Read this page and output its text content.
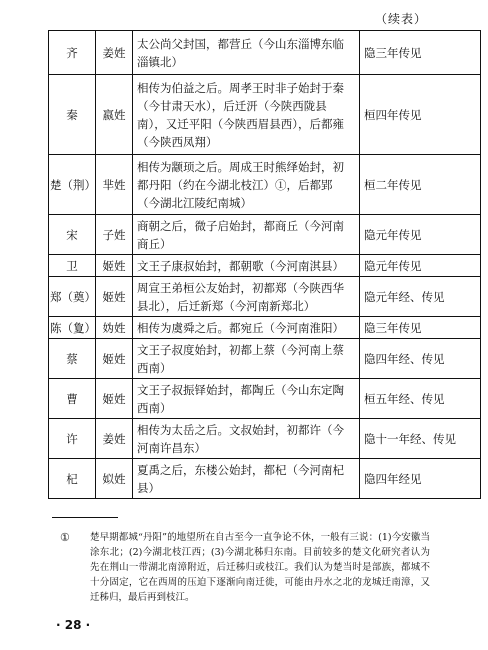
（续表）
齐	姜姓	太公尚父封国，都营丘（今山东淄博东临淄镇北）	隐三年传见
秦	嬴姓	相传为伯益之后。周孝王时非子始封于秦（今甘肃天水），后迁汧（今陕西陇县南），又迁平阳（今陕西眉县西），后都雍（今陕西凤翔）	桓四年传见
楚（荆）	芈姓	相传为颛顼之后。周成王时熊绎始封，初都丹阳（约在今湖北枝江）①，后都郢（今湖北江陵纪南城）	桓二年传见
宋	子姓	商朝之后，微子启始封，都商丘（今河南商丘）	隐元年传见
卫	姬姓	文王子康叔始封，都朝歌（今河南淇县）	隐元年传见
郑（奠）	姬姓	周宣王弟桓公友始封，初都郑（今陕西华县北），后迁新郑（今河南新郑北）	隐元年经、传见
陈（夐）	妫姓	相传为虞舜之后。都宛丘（今河南淮阳）	隐三年传见
蔡	姬姓	文王子叔度始封，初都上蔡（今河南上蔡西南）	隐四年经、传见
曹	姬姓	文王子叔振铎始封，都陶丘（今山东定陶西南）	桓五年经、传见
许	姜姓	相传为太岳之后。文叔始封，初都许（今河南许昌东）	隐十一年经、传见
杞	姒姓	夏禹之后，东楼公始封，都杞（今河南杞县）	隐四年经见
①	楚早期都城“丹阳”的地望所在自古至今一直争论不休，一般有三说：(1)今安徽当涂东北；(2)今湖北枝江西；(3)今湖北秭归东南。目前较多的楚文化研究者认为先在荆山一带湖北南漳附近，后迁秭归或枝江。我们认为楚当时是部族，都城不十分固定，它在西周的压迫下逐渐向南迁徙，可能由丹水之北的龙城迁南漳，又迁秭归，最后再到枝江。
· 28 ·
